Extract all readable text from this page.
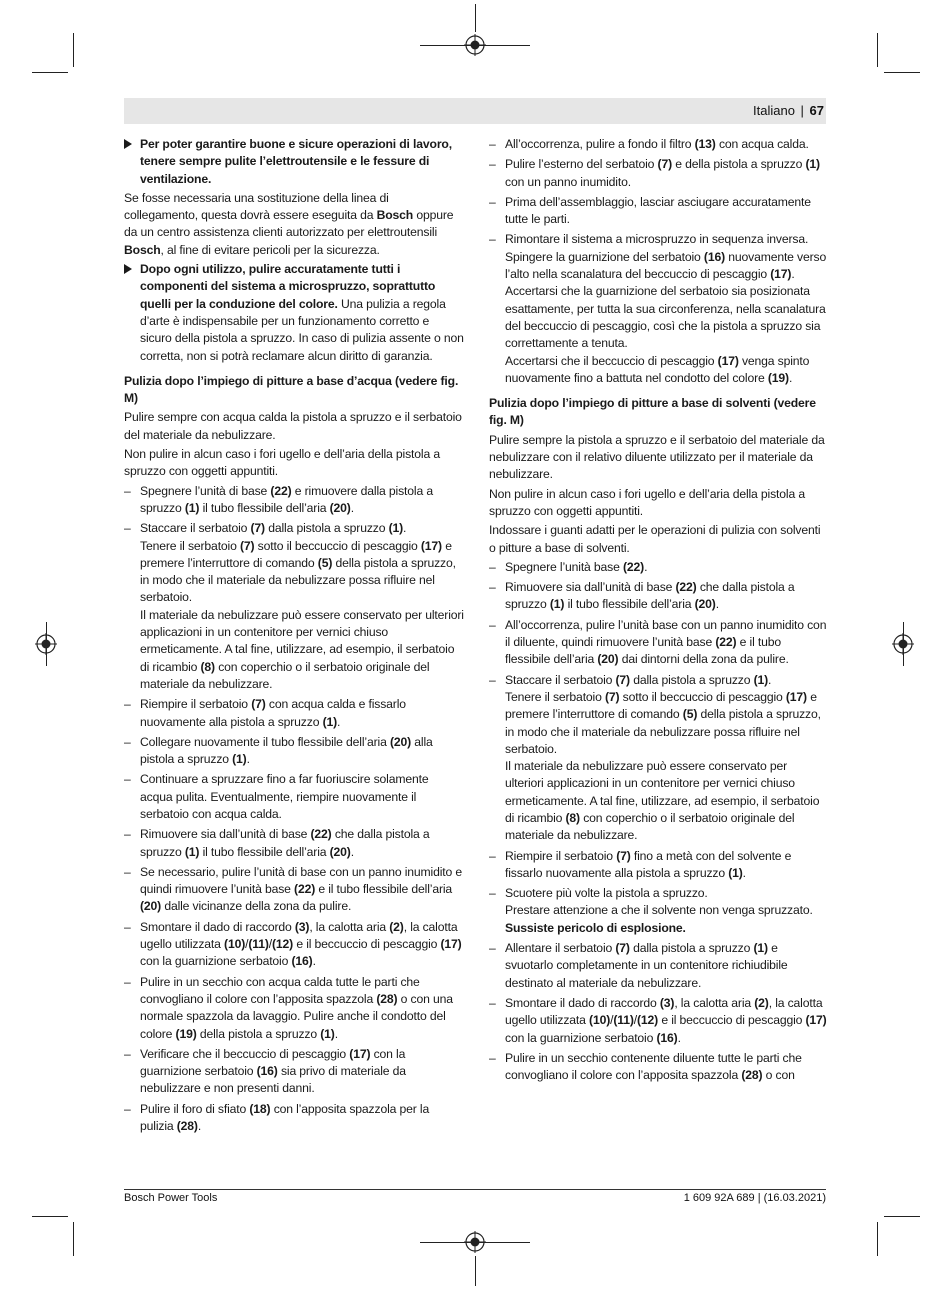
Italiano | 67
Per poter garantire buone e sicure operazioni di lavoro, tenere sempre pulite l’elettroutensile e le fessure di ventilazione.
Se fosse necessaria una sostituzione della linea di collegamento, questa dovrà essere eseguita da Bosch oppure da un centro assistenza clienti autorizzato per elettroutensili Bosch, al fine di evitare pericoli per la sicurezza.
Dopo ogni utilizzo, pulire accuratamente tutti i componenti del sistema a microspruzzo, soprattutto quelli per la conduzione del colore. Una pulizia a regola d’arte è indispensabile per un funzionamento corretto e sicuro della pistola a spruzzo. In caso di pulizia assente o non corretta, non si potrà reclamare alcun diritto di garanzia.
Pulizia dopo l’impiego di pitture a base d’acqua (vedere fig. M)
Pulire sempre con acqua calda la pistola a spruzzo e il serbatoio del materiale da nebulizzare.
Non pulire in alcun caso i fori ugello e dell’aria della pistola a spruzzo con oggetti appuntiti.
– Spegnere l’unità di base (22) e rimuovere dalla pistola a spruzzo (1) il tubo flessibile dell’aria (20).
– Staccare il serbatoio (7) dalla pistola a spruzzo (1).
Tenere il serbatoio (7) sotto il beccuccio di pescaggio (17) e premere l’interruttore di comando (5) della pistola a spruzzo, in modo che il materiale da nebulizzare possa rifluire nel serbatoio.
Il materiale da nebulizzare può essere conservato per ulteriori applicazioni in un contenitore per vernici chiuso ermeticamente. A tal fine, utilizzare, ad esempio, il serbatoio di ricambio (8) con coperchio o il serbatoio originale del materiale da nebulizzare.
– Riempire il serbatoio (7) con acqua calda e fissarlo nuovamente alla pistola a spruzzo (1).
– Collegare nuovamente il tubo flessibile dell’aria (20) alla pistola a spruzzo (1).
– Continuare a spruzzare fino a far fuoriuscire solamente acqua pulita. Eventualmente, riempire nuovamente il serbatoio con acqua calda.
– Rimuovere sia dall’unità di base (22) che dalla pistola a spruzzo (1) il tubo flessibile dell’aria (20).
– Se necessario, pulire l’unità di base con un panno inumidito e quindi rimuovere l’unità base (22) e il tubo flessibile dell’aria (20) dalle vicinanze della zona da pulire.
– Smontare il dado di raccordo (3), la calotta aria (2), la calotta ugello utilizzata (10)/(11)/(12) e il beccuccio di pescaggio (17) con la guarnizione serbatoio (16).
– Pulire in un secchio con acqua calda tutte le parti che convogliano il colore con l’apposita spazzola (28) o con una normale spazzola da lavaggio. Pulire anche il condotto del colore (19) della pistola a spruzzo (1).
– Verificare che il beccuccio di pescaggio (17) con la guarnizione serbatoio (16) sia privo di materiale da nebulizzare e non presenti danni.
– Pulire il foro di sfiato (18) con l’apposita spazzola per la pulizia (28).
– All’occorrenza, pulire a fondo il filtro (13) con acqua calda.
– Pulire l’esterno del serbatoio (7) e della pistola a spruzzo (1) con un panno inumidito.
– Prima dell’assemblaggio, lasciar asciugare accuratamente tutte le parti.
– Rimontare il sistema a microspruzzo in sequenza inversa. Spingere la guarnizione del serbatoio (16) nuovamente verso l’alto nella scanalatura del beccuccio di pescaggio (17).
Accertarsi che la guarnizione del serbatoio sia posizionata esattamente, per tutta la sua circonferenza, nella scanalatura del beccuccio di pescaggio, così che la pistola a spruzzo sia correttamente a tenuta.
Accertarsi che il beccuccio di pescaggio (17) venga spinto nuovamente fino a battuta nel condotto del colore (19).
Pulizia dopo l’impiego di pitture a base di solventi (vedere fig. M)
Pulire sempre la pistola a spruzzo e il serbatoio del materiale da nebulizzare con il relativo diluente utilizzato per il materiale da nebulizzare.
Non pulire in alcun caso i fori ugello e dell’aria della pistola a spruzzo con oggetti appuntiti.
Indossare i guanti adatti per le operazioni di pulizia con solventi o pitture a base di solventi.
– Spegnere l’unità base (22).
– Rimuovere sia dall’unità di base (22) che dalla pistola a spruzzo (1) il tubo flessibile dell’aria (20).
– All’occorrenza, pulire l’unità base con un panno inumidito con il diluente, quindi rimuovere l’unità base (22) e il tubo flessibile dell’aria (20) dai dintorni della zona da pulire.
– Staccare il serbatoio (7) dalla pistola a spruzzo (1).
Tenere il serbatoio (7) sotto il beccuccio di pescaggio (17) e premere l’interruttore di comando (5) della pistola a spruzzo, in modo che il materiale da nebulizzare possa rifluire nel serbatoio.
Il materiale da nebulizzare può essere conservato per ulteriori applicazioni in un contenitore per vernici chiuso ermeticamente. A tal fine, utilizzare, ad esempio, il serbatoio di ricambio (8) con coperchio o il serbatoio originale del materiale da nebulizzare.
– Riempire il serbatoio (7) fino a metà con del solvente e fissarlo nuovamente alla pistola a spruzzo (1).
– Scuotere più volte la pistola a spruzzo.
Prestare attenzione a che il solvente non venga spruzzato. Sussiste pericolo di esplosione.
– Allentare il serbatoio (7) dalla pistola a spruzzo (1) e svuotarlo completamente in un contenitore richiudibile destinato al materiale da nebulizzare.
– Smontare il dado di raccordo (3), la calotta aria (2), la calotta ugello utilizzata (10)/(11)/(12) e il beccuccio di pescaggio (17) con la guarnizione serbatoio (16).
– Pulire in un secchio contenente diluente tutte le parti che convogliano il colore con l’apposita spazzola (28) o con
Bosch Power Tools	1 609 92A 689 | (16.03.2021)
